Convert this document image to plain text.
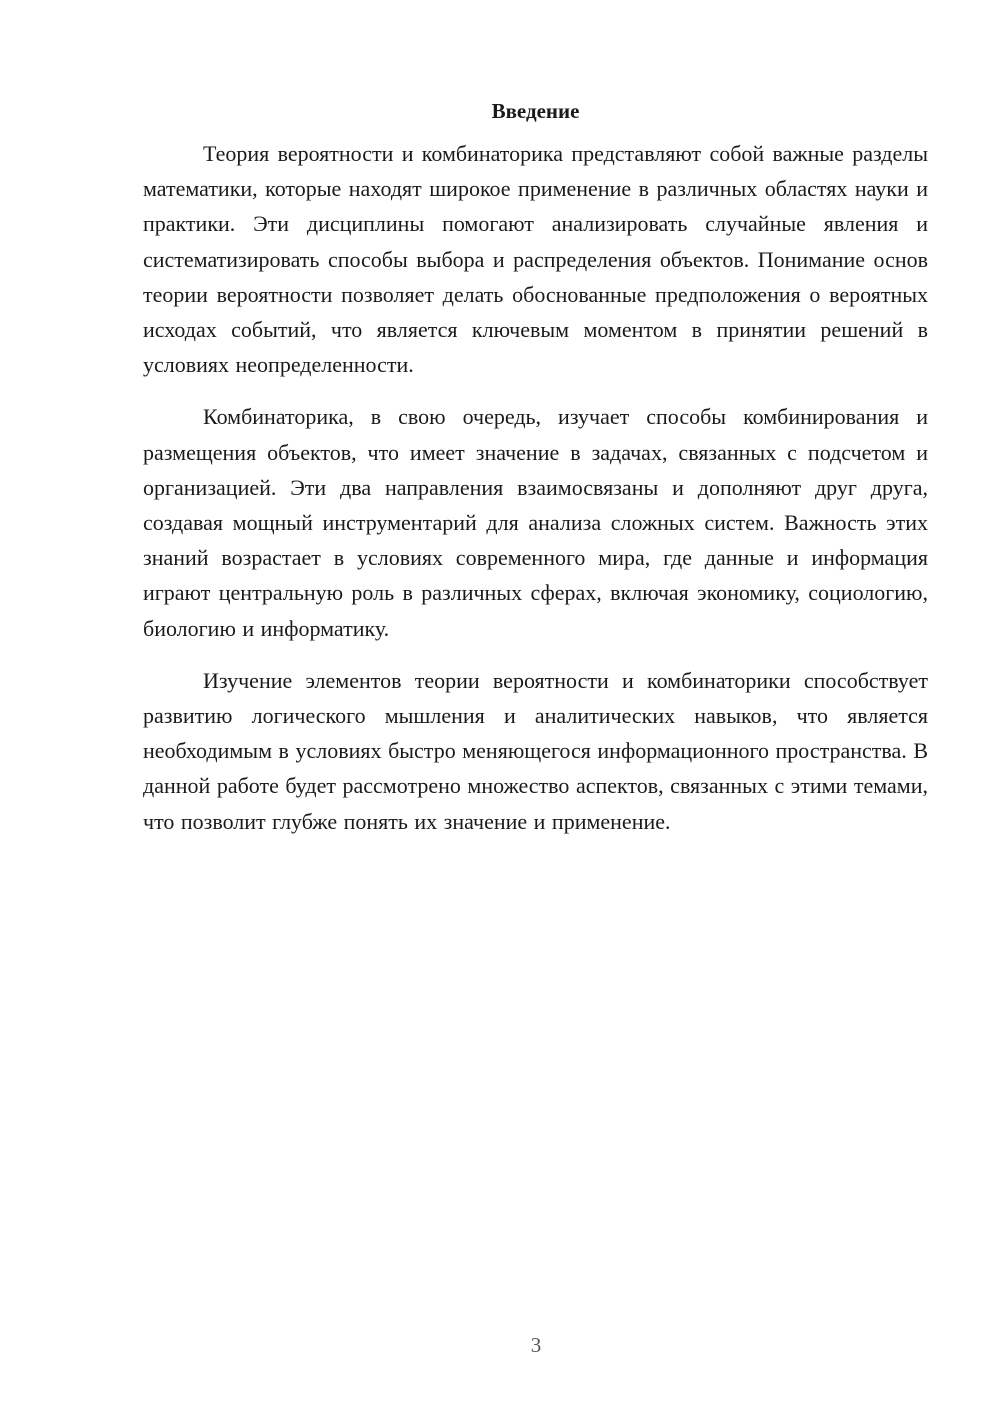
Введение

Теория вероятности и комбинаторика представляют собой важные разделы математики, которые находят широкое применение в различных областях науки и практики. Эти дисциплины помогают анализировать случайные явления и систематизировать способы выбора и распределения объектов. Понимание основ теории вероятности позволяет делать обоснованные предположения о вероятных исходах событий, что является ключевым моментом в принятии решений в условиях неопределенности.

Комбинаторика, в свою очередь, изучает способы комбинирования и размещения объектов, что имеет значение в задачах, связанных с подсчетом и организацией. Эти два направления взаимосвязаны и дополняют друг друга, создавая мощный инструментарий для анализа сложных систем. Важность этих знаний возрастает в условиях современного мира, где данные и информация играют центральную роль в различных сферах, включая экономику, социологию, биологию и информатику.

Изучение элементов теории вероятности и комбинаторики способствует развитию логического мышления и аналитических навыков, что является необходимым в условиях быстро меняющегося информационного пространства. В данной работе будет рассмотрено множество аспектов, связанных с этими темами, что позволит глубже понять их значение и применение.

3
